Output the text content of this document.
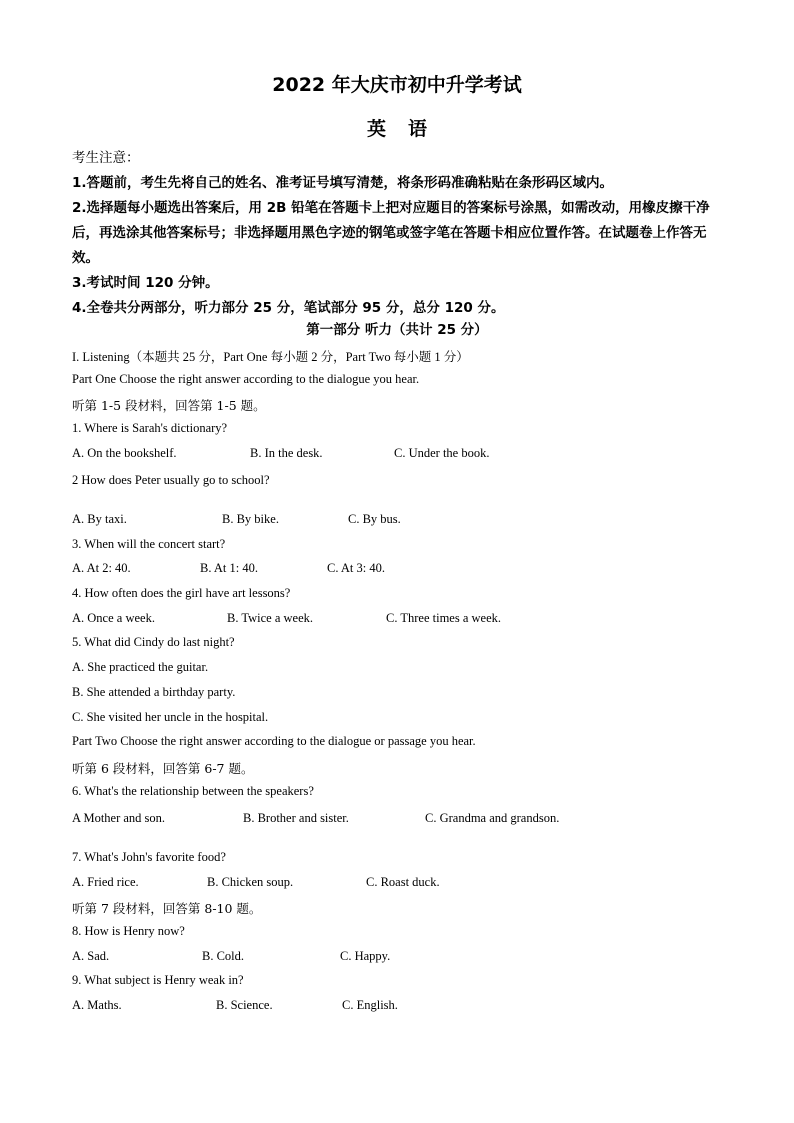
2022 年大庆市初中升学考试
英语
考生注意：
1.答题前，考生先将自己的姓名、准考证号填写清楚，将条形码准确粘贴在条形码区域内。
2.选择题每小题选出答案后，用 2B 铅笔在答题卡上把对应题目的答案标号涂黑，如需改动，用橡皮擦干净后，再选涂其他答案标号；非选择题用黑色字迹的钢笔或签字笔在答题卡相应位置作答。在试题卷上作答无效。
3.考试时间 120 分钟。
4.全卷共分两部分，听力部分 25 分，笔试部分 95 分，总分 120 分。
第一部分 听力（共计 25 分）
I. Listening（本题共 25 分，Part One 每小题 2 分，Part Two 每小题 1 分）
Part One Choose the right answer according to the dialogue you hear.
听第 1-5 段材料，回答第 1-5 题。
1. Where is Sarah's dictionary?
A. On the bookshelf.	B. In the desk.	C. Under the book.
2 How does Peter usually go to school?
A. By taxi.	B. By bike.	C. By bus.
3. When will the concert start?
A. At 2: 40.	B. At 1: 40.	C. At 3: 40.
4. How often does the girl have art lessons?
A. Once a week.	B. Twice a week.	C. Three times a week.
5. What did Cindy do last night?
A. She practiced the guitar.
B. She attended a birthday party.
C. She visited her uncle in the hospital.
Part Two Choose the right answer according to the dialogue or passage you hear.
听第 6 段材料，回答第 6-7 题。
6. What's the relationship between the speakers?
A Mother and son.	B. Brother and sister.	C. Grandma and grandson.
7. What's John's favorite food?
A. Fried rice.	B. Chicken soup.	C. Roast duck.
听第 7 段材料，回答第 8-10 题。
8. How is Henry now?
A. Sad.	B. Cold.	C. Happy.
9. What subject is Henry weak in?
A. Maths.	B. Science.	C. English.
